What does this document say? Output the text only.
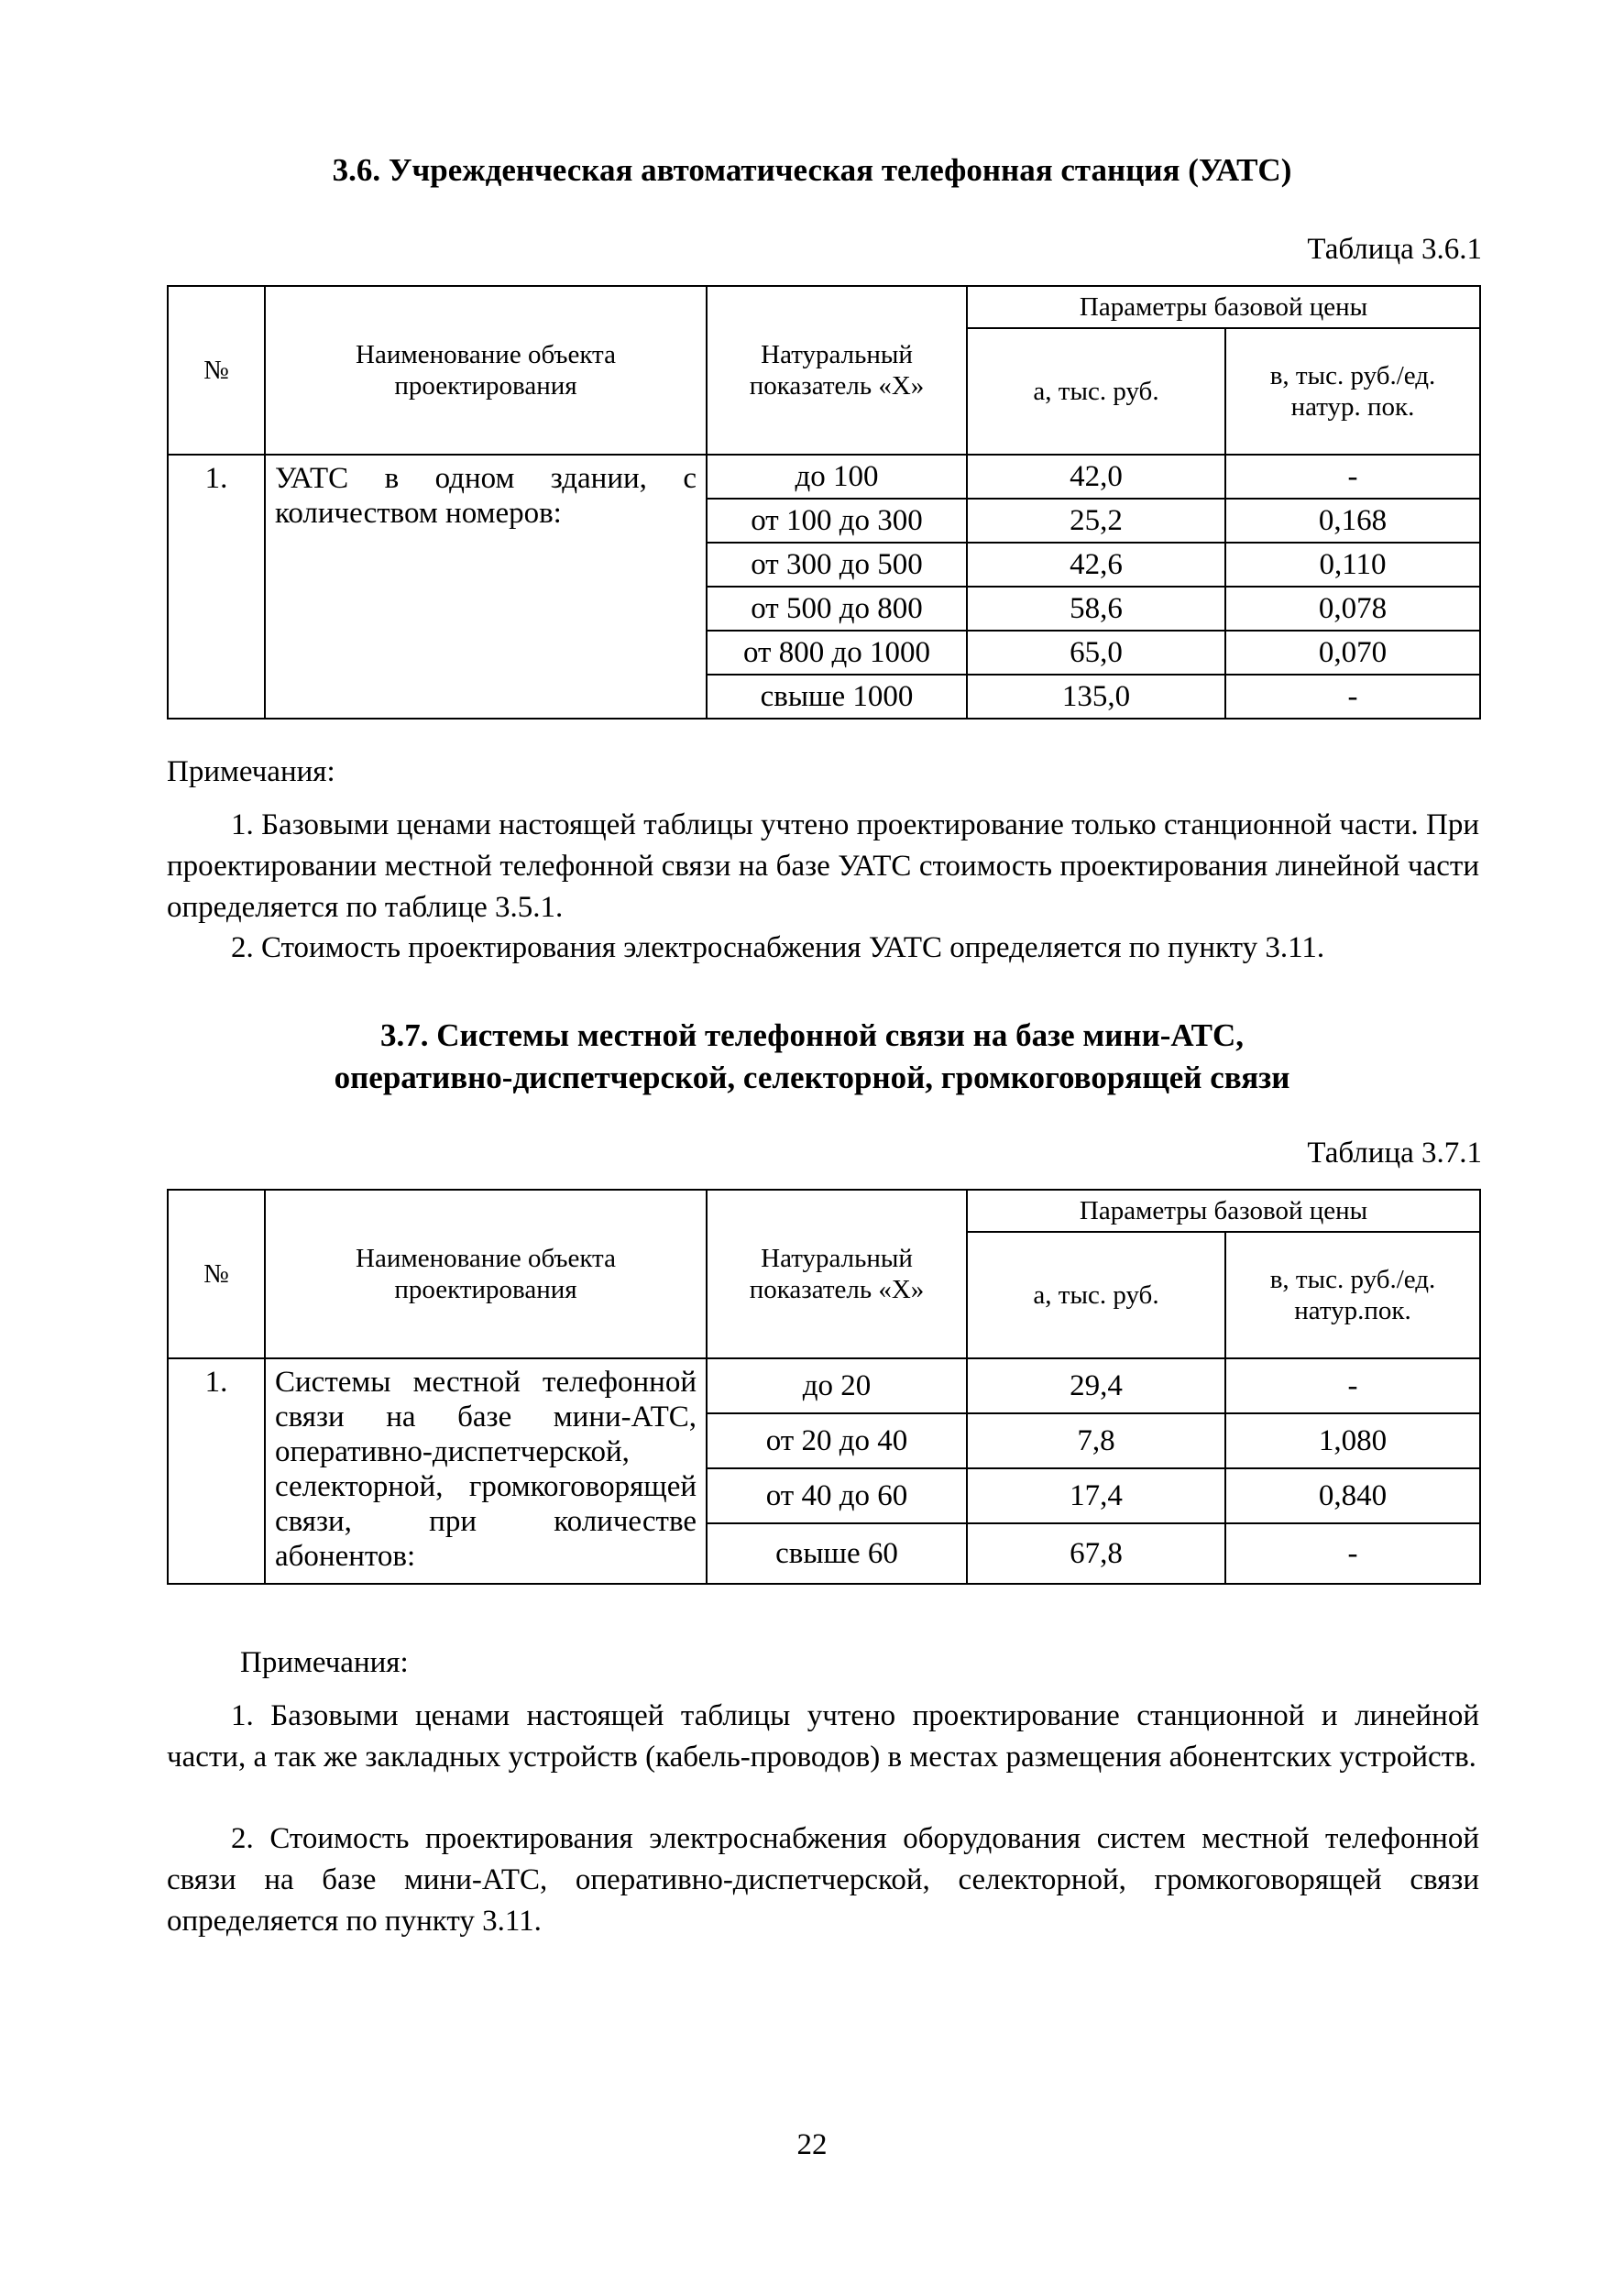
3.6. Учрежденческая автоматическая телефонная станция (УАТС)
Таблица 3.6.1
№	Наименование объекта проектирования	Натуральный показатель «X»	Параметры базовой цены	
			а, тыс. руб.	в, тыс. руб./ед. натур. пок.
1.	УАТС в одном здании, с количеством номеров:	до 100	42,0	-
		от 100 до 300	25,2	0,168
		от 300 до 500	42,6	0,110
		от 500 до 800	58,6	0,078
		от 800 до 1000	65,0	0,070
		свыше 1000	135,0	-
Примечания:
1. Базовыми ценами настоящей таблицы учтено проектирование только станционной части. При проектировании местной телефонной связи на базе УАТС стоимость проектирования линейной части определяется по таблице 3.5.1.
2. Стоимость проектирования электроснабжения УАТС определяется по пункту 3.11.
3.7. Системы местной телефонной связи на базе мини-АТС,
оперативно-диспетчерской, селекторной, громкоговорящей связи
Таблица 3.7.1
№	Наименование объекта проектирования	Натуральный показатель «X»	Параметры базовой цены	
			а, тыс. руб.	в, тыс. руб./ед. натур.пок.
1.	Системы местной телефонной связи на базе мини-АТС, оперативно-диспетчерской, селекторной, громкоговорящей связи, при количестве абонентов:	до 20	29,4	-
		от 20 до 40	7,8	1,080
		от 40 до 60	17,4	0,840
		свыше 60	67,8	-
Примечания:
1. Базовыми ценами настоящей таблицы учтено проектирование станционной и линейной части, а так же закладных устройств (кабель-проводов) в местах размещения абонентских устройств.
2. Стоимость проектирования электроснабжения оборудования систем местной телефонной связи на базе мини-АТС, оперативно-диспетчерской, селекторной, громкоговорящей связи определяется по пункту 3.11.
22
